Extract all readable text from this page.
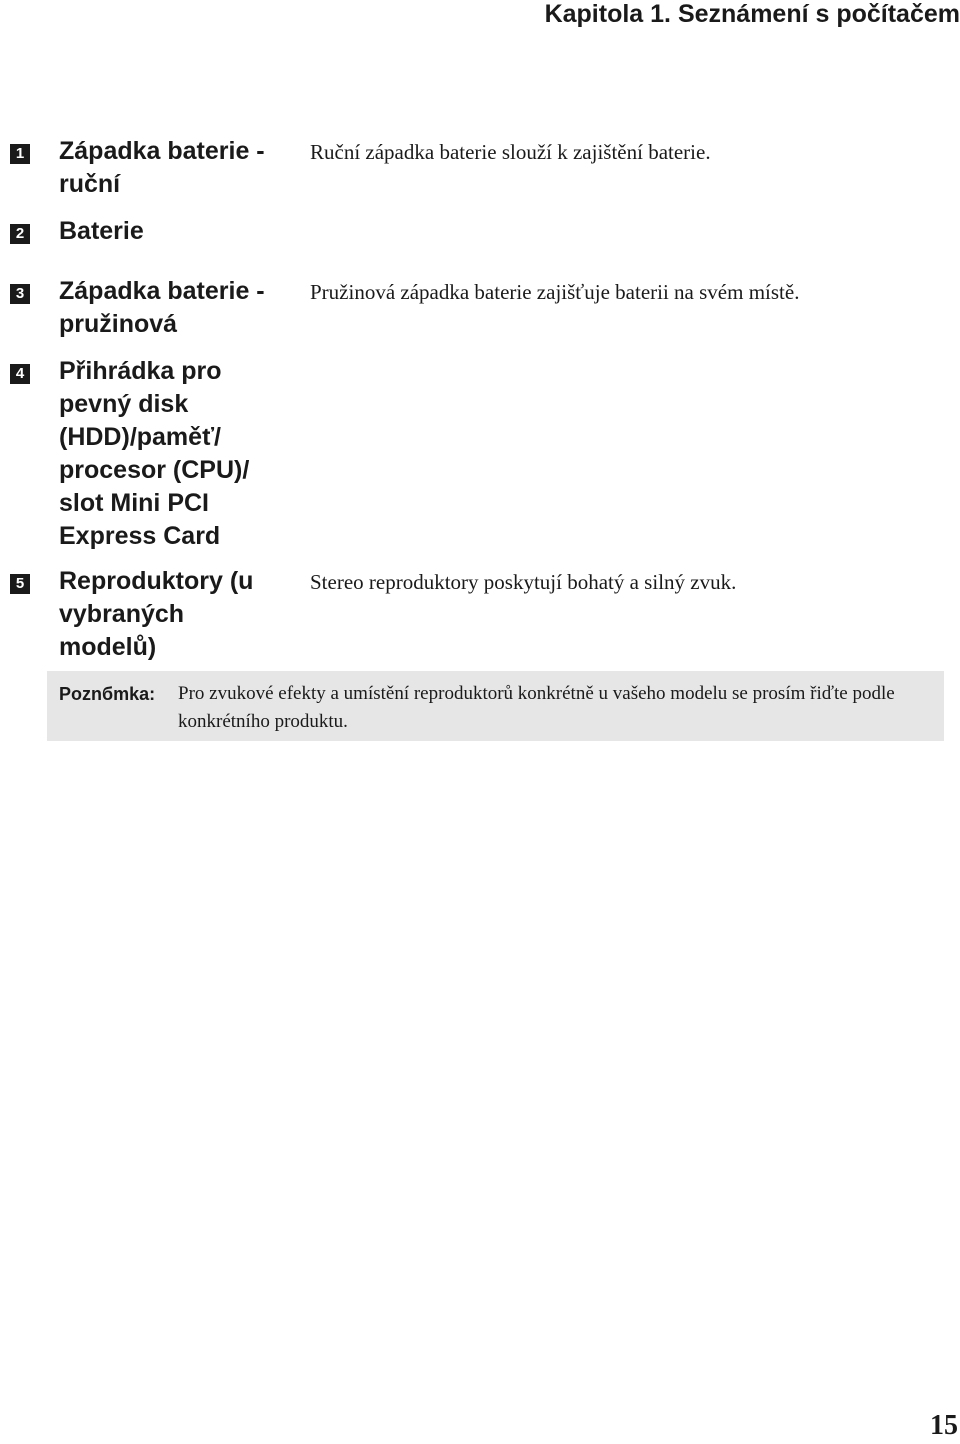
Kapitola 1. Seznámení s počítačem
1 Západka baterie - ruční
Ruční západka baterie slouží k zajištění baterie.
2 Baterie
3 Západka baterie - pružinová
Pružinová západka baterie zajišťuje baterii na svém místě.
4 Přihrádka pro pevný disk (HDD)/paměť/ procesor (CPU)/ slot Mini PCI Express Card
5 Reproduktory (u vybraných modelů)
Stereo reproduktory poskytují bohatý a silný zvuk.
Poznбmka: Pro zvukové efekty a umístění reproduktorů konkrétně u vašeho modelu se prosím řiďte podle konkrétního produktu.
15
